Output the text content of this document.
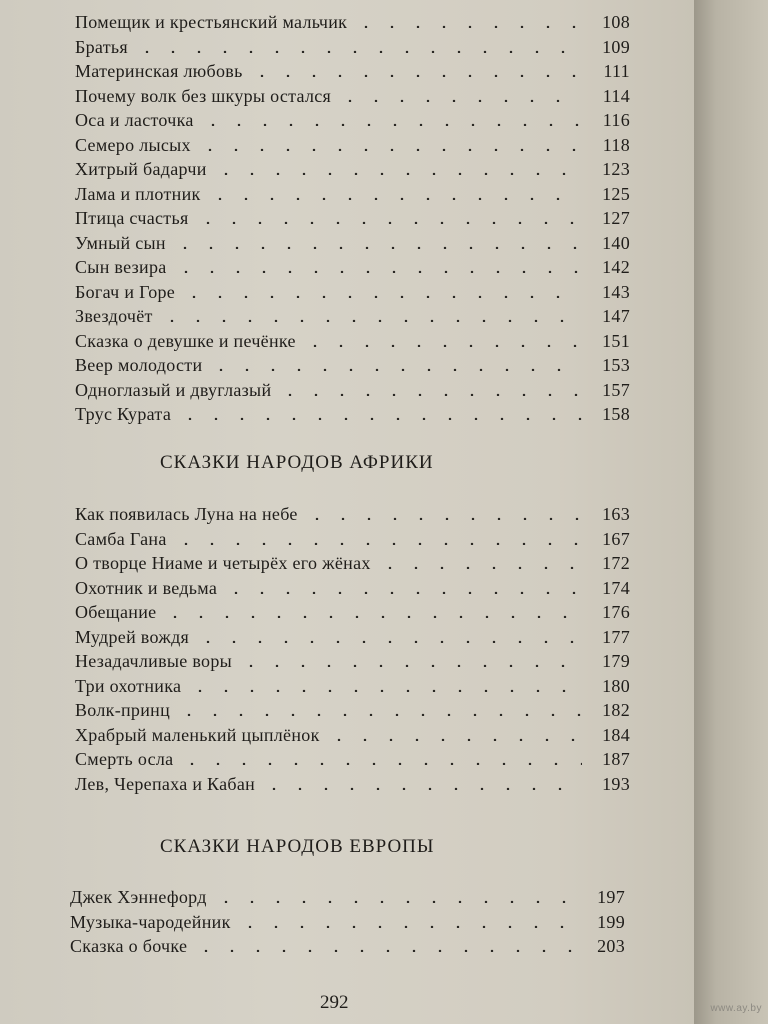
Помещик и крестьянский мальчик	108
Братья	109
Материнская любовь	111
Почему волк без шкуры остался	114
Оса и ласточка	116
Семеро лысых	118
Хитрый бадарчи	123
Лама и плотник	125
Птица счастья	127
Умный сын	140
Сын везира	142
Богач и Горе	143
Звездочёт	147
Сказка о девушке и печёнке	151
Веер молодости	153
Одноглазый и двуглазый	157
Трус Курата	158
СКАЗКИ НАРОДОВ АФРИКИ
Как появилась Луна на небе	163
Самба Гана	167
О творце Ниаме и четырёх его жёнах	172
Охотник и ведьма	174
Обещание	176
Мудрей вождя	177
Незадачливые воры	179
Три охотника	180
Волк-принц	182
Храбрый маленький цыплёнок	184
Смерть осла	187
Лев, Черепаха и Кабан	193
СКАЗКИ НАРОДОВ ЕВРОПЫ
Джек Хэннефорд	197
Музыка-чародейник	199
Сказка о бочке	203
292	www.ay.by
